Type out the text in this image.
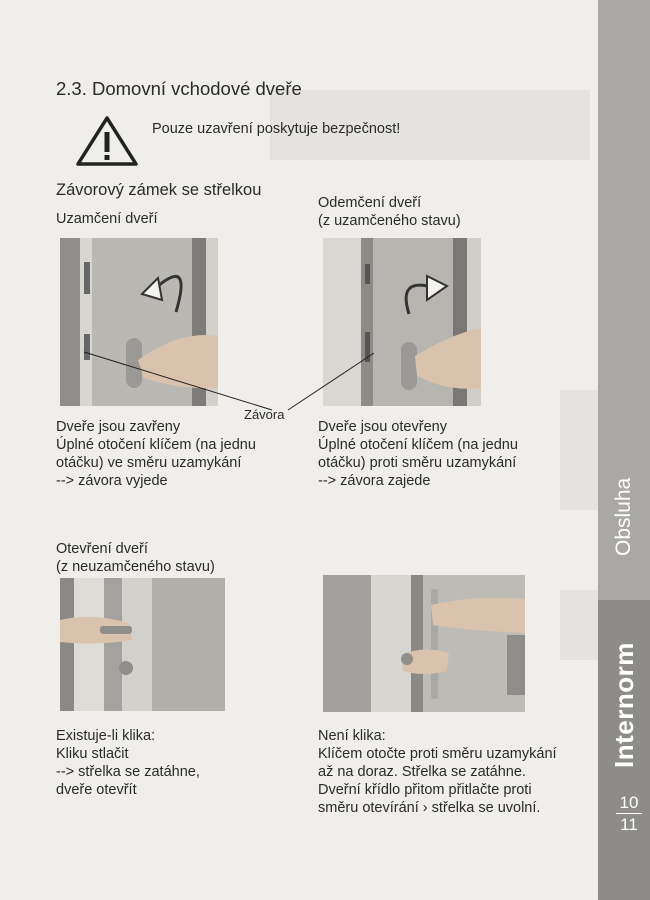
2.3. Domovní vchodové dveře
Pouze uzavření poskytuje bezpečnost!
Závorový zámek se střelkou
Uzamčení dveří
Odemčení dveří
(z uzamčeného stavu)
Závora
Dveře jsou zavřeny
Úplné otočení klíčem (na jednu
otáčku) ve směru uzamykání
--> závora vyjede
Dveře jsou otevřeny
Úplné otočení klíčem (na jednu
otáčku) proti směru uzamykání
--> závora zajede
Otevření dveří
(z neuzamčeného stavu)
Existuje-li klika:
Kliku stlačit
--> střelka se zatáhne,
dveře otevřít
Není klika:
Klíčem otočte proti směru uzamykání
až na doraz. Střelka se zatáhne.
Dveřní křídlo přitom přitlačte proti
směru otevírání › střelka se uvolní.
Obsluha
Internorm
10
11
